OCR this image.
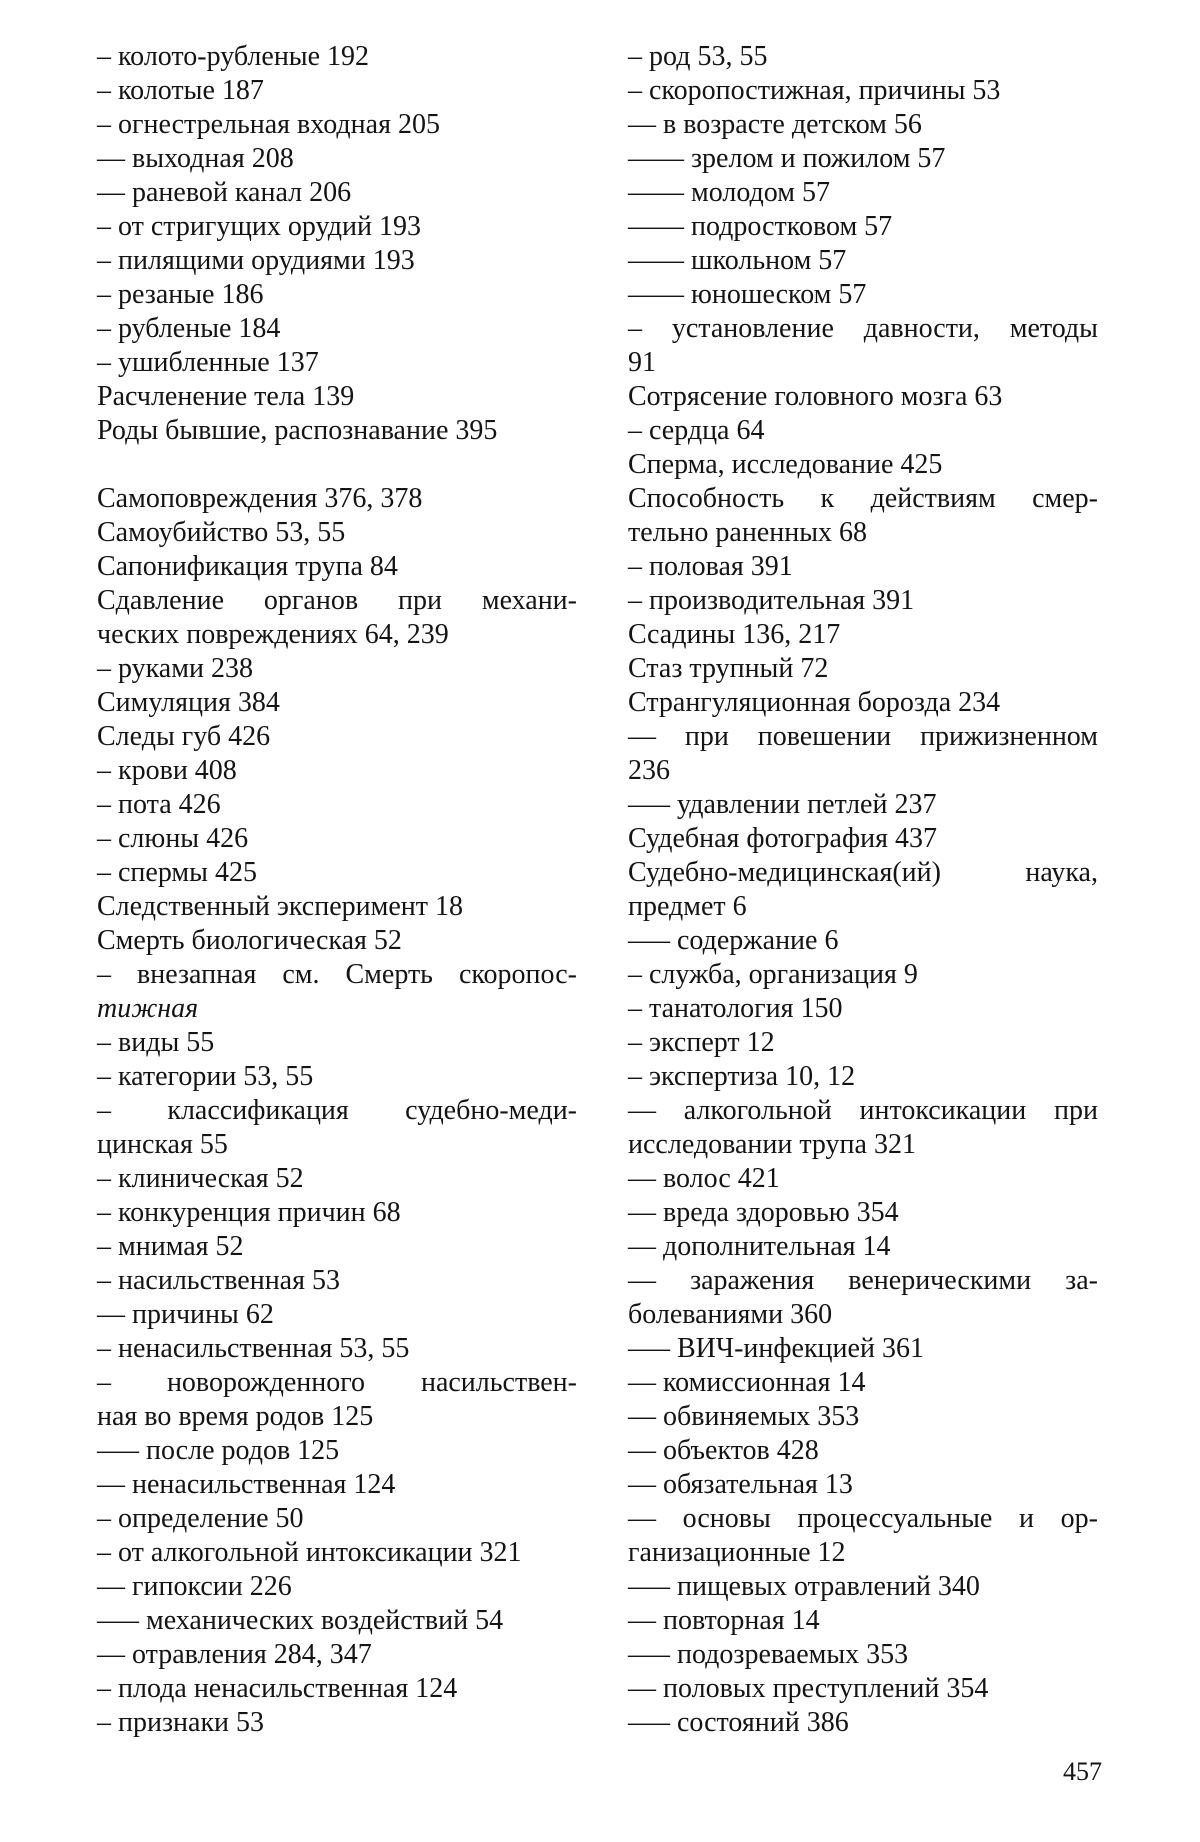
– колото-рубленые 192
– колотые 187
– огнестрельная входная 205
–– выходная 208
–– раневой канал 206
– от стригущих орудий 193
– пилящими орудиями 193
– резаные 186
– рубленые 184
– ушибленные 137
Расчленение тела 139
Роды бывшие, распознавание 395
Самоповреждения 376, 378
Самоубийство 53, 55
Сапонификация трупа 84
Сдавление органов при механи-
ческих повреждениях 64, 239
– руками 238
Симуляция 384
Следы губ 426
– крови 408
– пота 426
– слюны 426
– спермы 425
Следственный эксперимент 18
Смерть биологическая 52
– внезапная см. Смерть скоропос-
тижная
– виды 55
– категории 53, 55
– классификация судебно-меди-
цинская 55
– клиническая 52
– конкуренция причин 68
– мнимая 52
– насильственная 53
–– причины 62
– ненасильственная 53, 55
– новорожденного насильствен-
ная во время родов 125
––– после родов 125
–– ненасильственная 124
– определение 50
– от алкогольной интоксикации 321
–– гипоксии 226
––– механических воздействий 54
–– отравления 284, 347
– плода ненасильственная 124
– признаки 53
– род 53, 55
– скоропостижная, причины 53
–– в возрасте детском 56
–––– зрелом и пожилом 57
–––– молодом 57
–––– подростковом 57
–––– школьном 57
–––– юношеском 57
– установление давности, методы
91
Сотрясение головного мозга 63
– сердца 64
Сперма, исследование 425
Способность к действиям смер-
тельно раненных 68
– половая 391
– производительная 391
Ссадины 136, 217
Стаз трупный 72
Странгуляционная борозда 234
–– при повешении прижизненном
236
––– удавлении петлей 237
Судебная фотография 437
Судебно-медицинская(ий) наука,
предмет 6
––– содержание 6
– служба, организация 9
– танатология 150
– эксперт 12
– экспертиза 10, 12
–– алкогольной интоксикации при
исследовании трупа 321
–– волос 421
–– вреда здоровью 354
–– дополнительная 14
–– заражения венерическими за-
болеваниями 360
––– ВИЧ-инфекцией 361
–– комиссионная 14
–– обвиняемых 353
–– объектов 428
–– обязательная 13
–– основы процессуальные и ор-
ганизационные 12
––– пищевых отравлений 340
–– повторная 14
––– подозреваемых 353
–– половых преступлений 354
––– состояний 386
457
